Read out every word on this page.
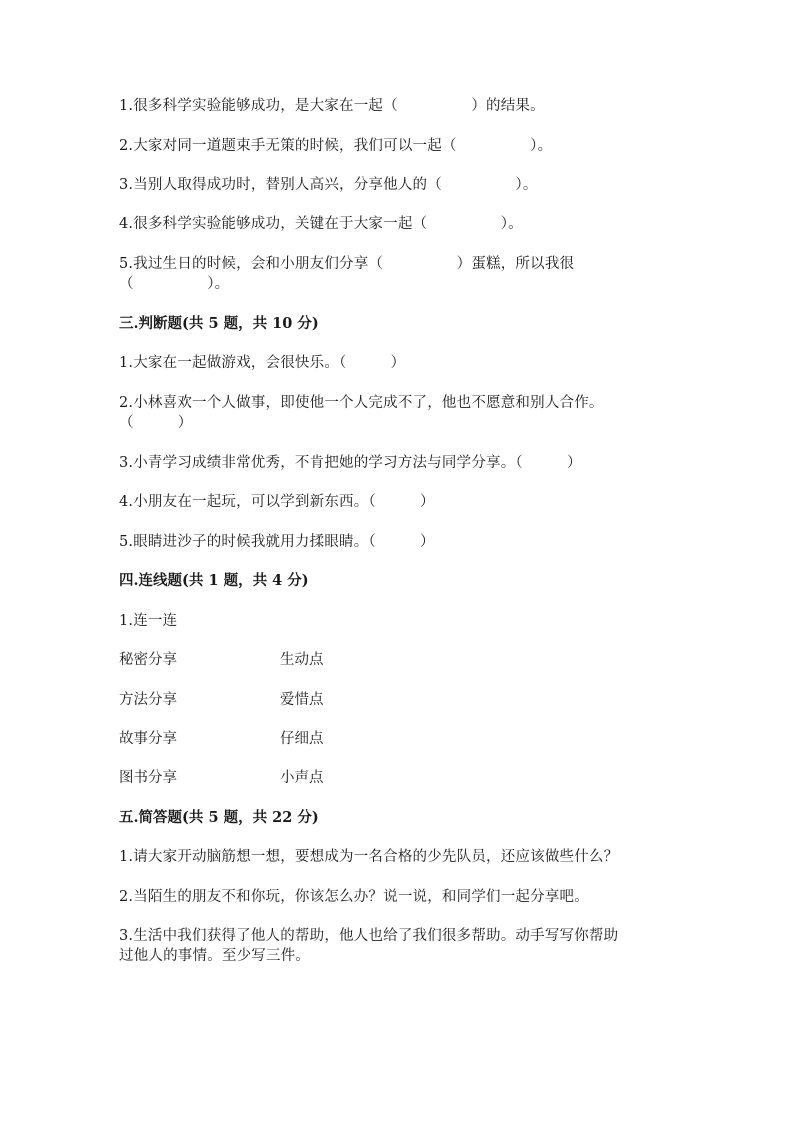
1.很多科学实验能够成功，是大家在一起（　　　　　）的结果。
2.大家对同一道题束手无策的时候，我们可以一起（　　　　　）。
3.当别人取得成功时，替别人高兴，分享他人的（　　　　　）。
4.很多科学实验能够成功，关键在于大家一起（　　　　　）。
5.我过生日的时候，会和小朋友们分享（　　　　　）蛋糕，所以我很
（　　　　　）。
三.判断题(共 5 题，共 10 分)
1.大家在一起做游戏，会很快乐。（　　　）
2.小林喜欢一个人做事，即使他一个人完成不了，他也不愿意和别人合作。
（　　　）
3.小青学习成绩非常优秀，不肯把她的学习方法与同学分享。（　　　）
4.小朋友在一起玩，可以学到新东西。（　　　）
5.眼睛进沙子的时候我就用力揉眼睛。（　　　）
四.连线题(共 1 题，共 4 分)
1.连一连
秘密分享	生动点
方法分享	爱惜点
故事分享	仔细点
图书分享	小声点
五.简答题(共 5 题，共 22 分)
1.请大家开动脑筋想一想，要想成为一名合格的少先队员，还应该做些什么？
2.当陌生的朋友不和你玩，你该怎么办？说一说，和同学们一起分享吧。
3.生活中我们获得了他人的帮助，他人也给了我们很多帮助。动手写写你帮助
过他人的事情。至少写三件。
